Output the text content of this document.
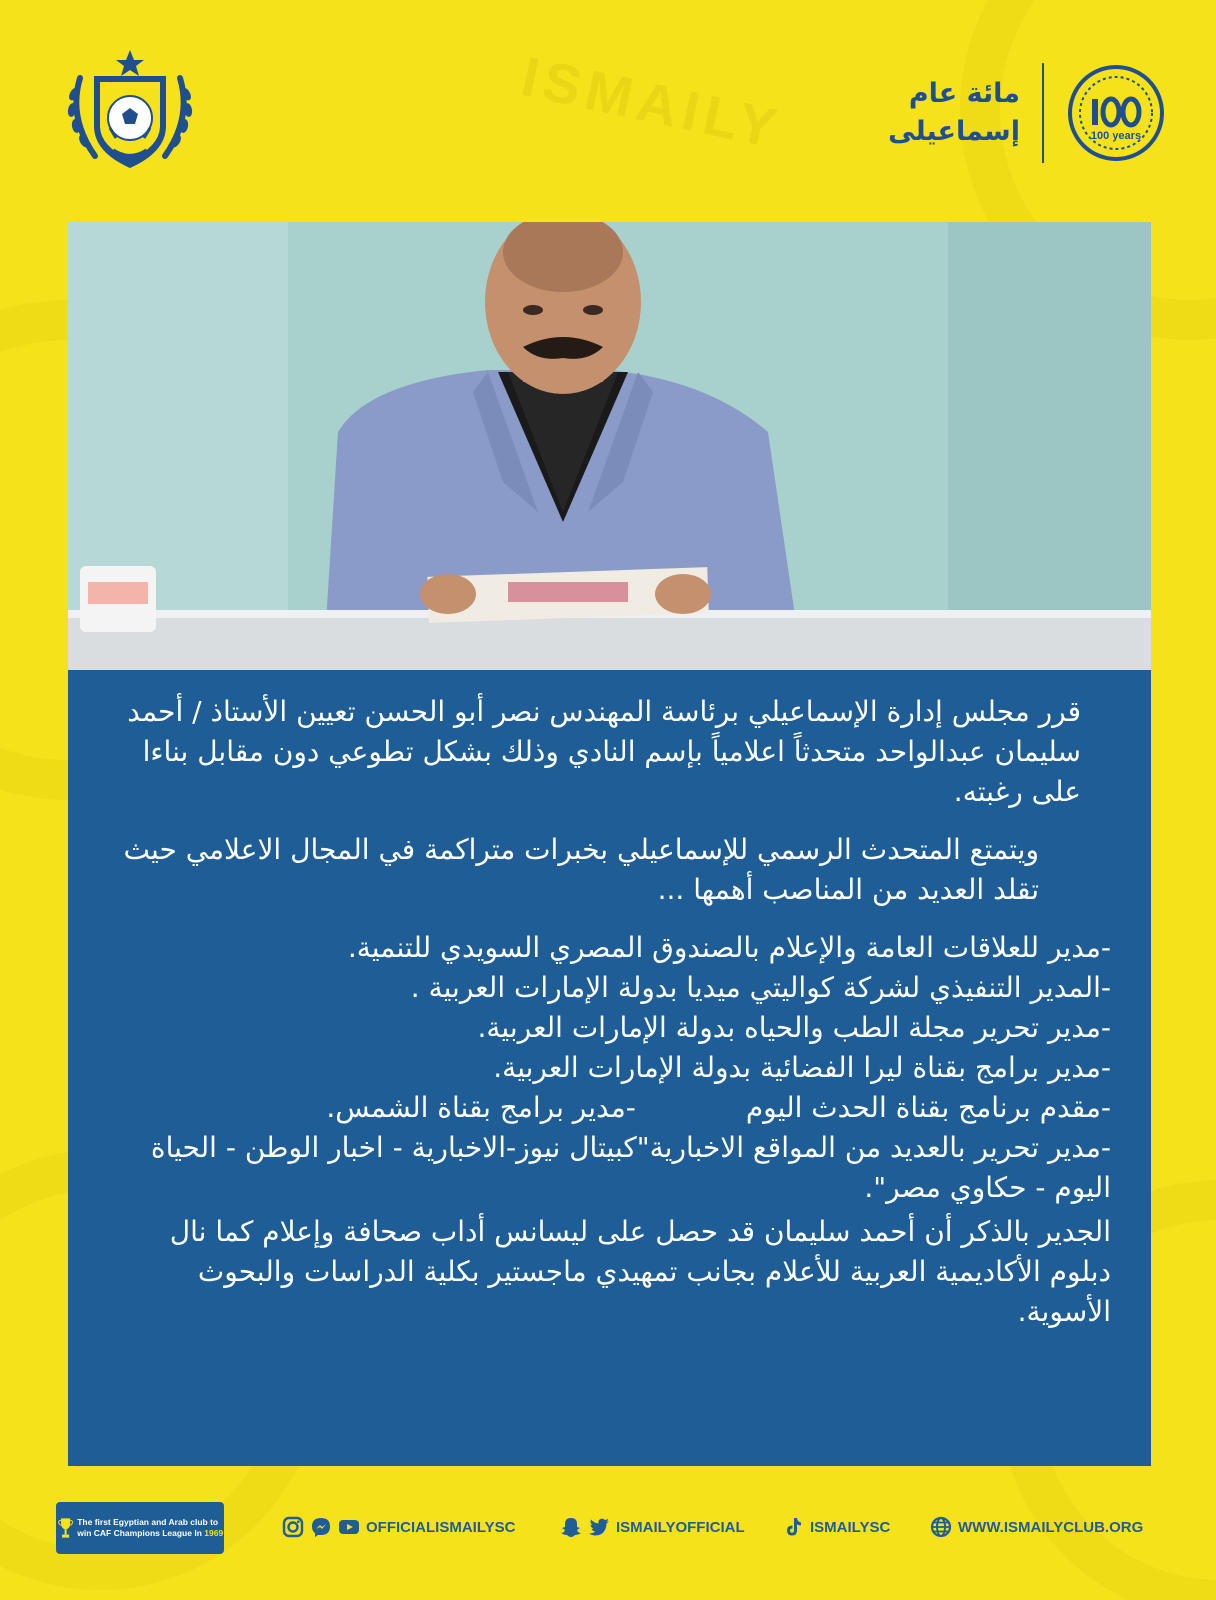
ISMAILY	مائة عام
إسماعيلى	100 years

قرر مجلس إدارة الإسماعيلي برئاسة المهندس نصر أبو الحسن تعيين الأستاذ / أحمد سليمان عبدالواحد متحدثاً اعلامياً بإسم النادي وذلك بشكل تطوعي دون مقابل بناءا على رغبته.

ويتمتع المتحدث الرسمي للإسماعيلي بخبرات متراكمة في المجال الاعلامي حيث تقلد العديد من المناصب أهمها ...

-مدير للعلاقات العامة والإعلام بالصندوق المصري السويدي للتنمية.
-المدير التنفيذي لشركة كواليتي ميديا بدولة الإمارات العربية .
-مدير تحرير مجلة الطب والحياه بدولة الإمارات العربية.
-مدير برامج بقناة ليرا الفضائية بدولة الإمارات العربية.
-مقدم برنامج بقناة الحدث اليوم
-مدير برامج بقناة الشمس.
-مدير تحرير بالعديد من المواقع الاخبارية"كبيتال نيوز-الاخبارية - اخبار الوطن - الحياة اليوم - حكاوي مصر".
الجدير بالذكر أن أحمد سليمان قد حصل على ليسانس أداب صحافة وإعلام كما نال دبلوم الأكاديمية العربية للأعلام بجانب تمهيدي ماجستير بكلية الدراسات والبحوث الأسوية.
The first Egyptian and Arab club to win CAF Champions League In 1969	OFFICIALISMAILYSC	ISMAILYOFFICIAL	ISMAILYSC	WWW.ISMAILYCLUB.ORG
